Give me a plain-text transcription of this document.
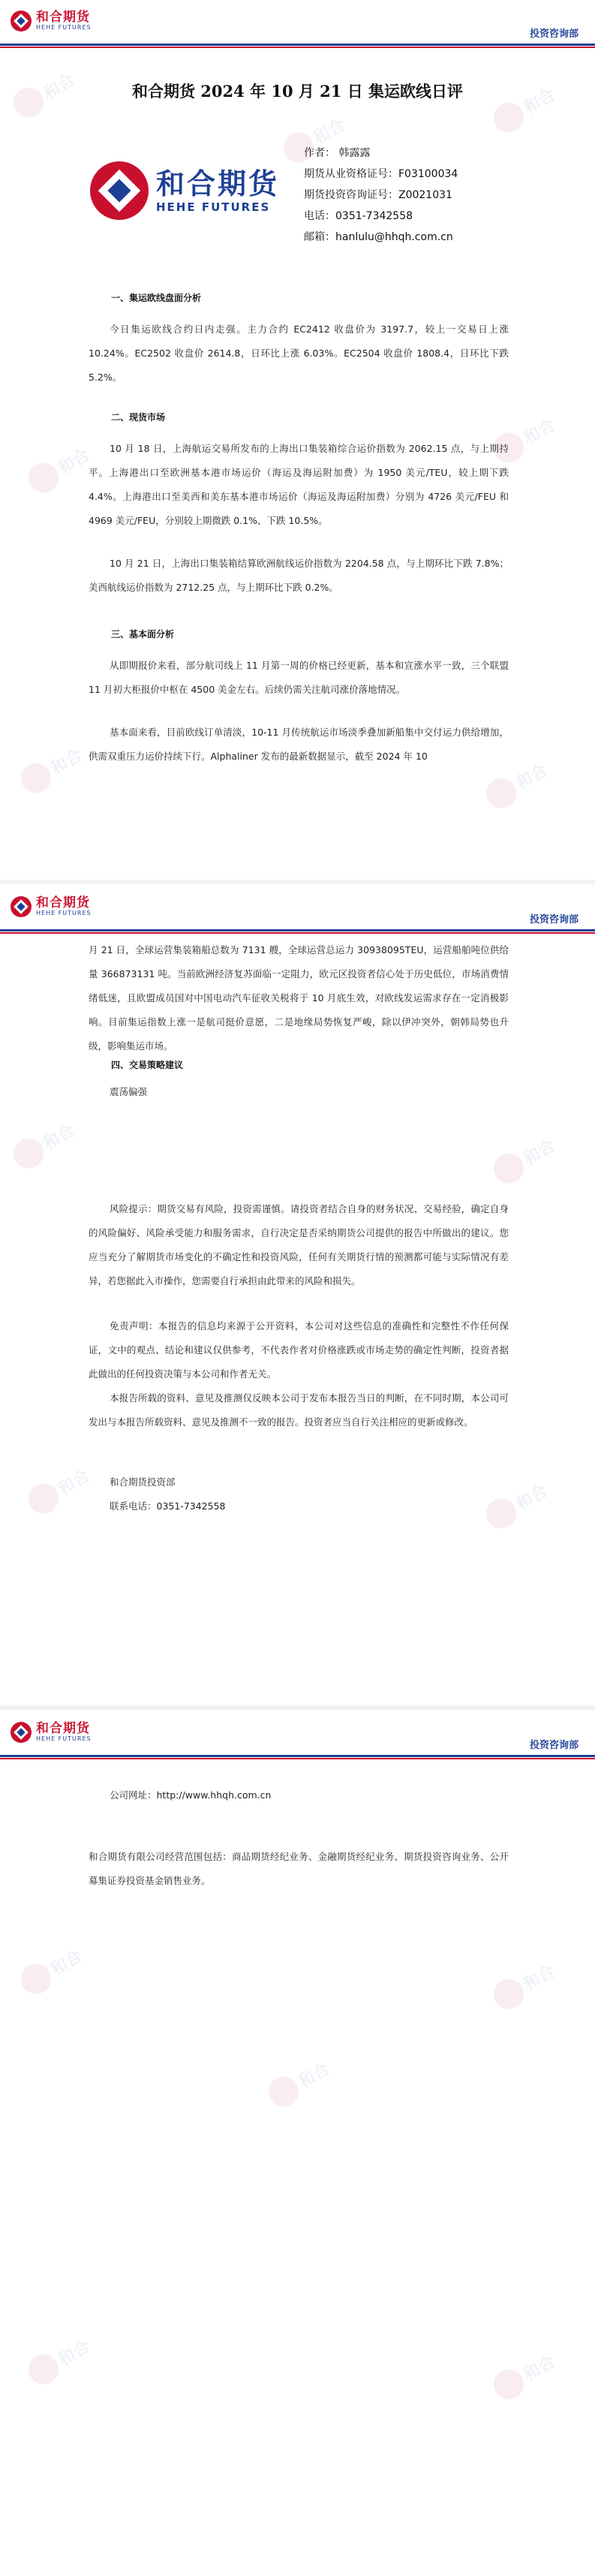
和合期货
HEHE FUTURES
投资咨询部
和合期货 2024 年 10 月 21 日 集运欧线日评
和合期货
HEHE FUTURES
作者： 韩露露
期货从业资格证号：F03100034
期货投资咨询证号：Z0021031
电话：0351-7342558
邮箱：hanlulu@hhqh.com.cn
一、集运欧线盘面分析
今日集运欧线合约日内走强。主力合约 EC2412 收盘价为 3197.7，较上一交易日上涨 10.24%。EC2502 收盘价 2614.8，日环比上涨 6.03%。EC2504 收盘价 1808.4，日环比下跌 5.2%。
二、现货市场
10 月 18 日，上海航运交易所发布的上海出口集装箱综合运价指数为 2062.15 点，与上期持平。上海港出口至欧洲基本港市场运价（海运及海运附加费）为 1950 美元/TEU，较上期下跌 4.4%。上海港出口至美西和美东基本港市场运价（海运及海运附加费）分别为 4726 美元/FEU 和 4969 美元/FEU，分别较上期微跌 0.1%、下跌 10.5%。
10 月 21 日，上海出口集装箱结算欧洲航线运价指数为 2204.58 点，与上期环比下跌 7.8%；美西航线运价指数为 2712.25 点，与上期环比下跌 0.2%。
三、基本面分析
从即期报价来看，部分航司线上 11 月第一周的价格已经更新，基本和宣涨水平一致，三个联盟 11 月初大柜报价中枢在 4500 美金左右。后续仍需关注航司涨价落地情况。
基本面来看，目前欧线订单清淡，10-11 月传统航运市场淡季叠加新船集中交付运力供给增加，供需双重压力运价持续下行。Alphaliner 发布的最新数据显示，截至 2024 年 10
和合期货
HEHE FUTURES
投资咨询部
月 21 日，全球运营集装箱船总数为 7131 艘，全球运营总运力 30938095TEU，运营船舶吨位供给量 366873131 吨。当前欧洲经济复苏面临一定阻力，欧元区投资者信心处于历史低位，市场消费情绪低迷，且欧盟成员国对中国电动汽车征收关税将于 10 月底生效，对欧线发运需求存在一定消极影响。目前集运指数上涨一是航司挺价意愿，二是地缘局势恢复严峻，除以伊冲突外，朝韩局势也升级，影响集运市场。
四、交易策略建议
震荡偏强
风险提示：期货交易有风险，投资需谨慎。请投资者结合自身的财务状况、交易经验，确定自身的风险偏好、风险承受能力和服务需求，自行决定是否采纳期货公司提供的报告中所做出的建议。您应当充分了解期货市场变化的不确定性和投资风险，任何有关期货行情的预测都可能与实际情况有差异，若您据此入市操作，您需要自行承担由此带来的风险和损失。
免责声明：本报告的信息均来源于公开资料，本公司对这些信息的准确性和完整性不作任何保证，文中的观点、结论和建议仅供参考，不代表作者对价格涨跌或市场走势的确定性判断，投资者据此做出的任何投资决策与本公司和作者无关。
本报告所载的资料、意见及推测仅反映本公司于发布本报告当日的判断，在不同时期，本公司可发出与本报告所载资料、意见及推测不一致的报告。投资者应当自行关注相应的更新或修改。
和合期货投资部
联系电话：0351-7342558
和合期货
HEHE FUTURES
投资咨询部
公司网址：http://www.hhqh.com.cn
和合期货有限公司经营范围包括：商品期货经纪业务、金融期货经纪业务、期货投资咨询业务、公开募集证券投资基金销售业务。
